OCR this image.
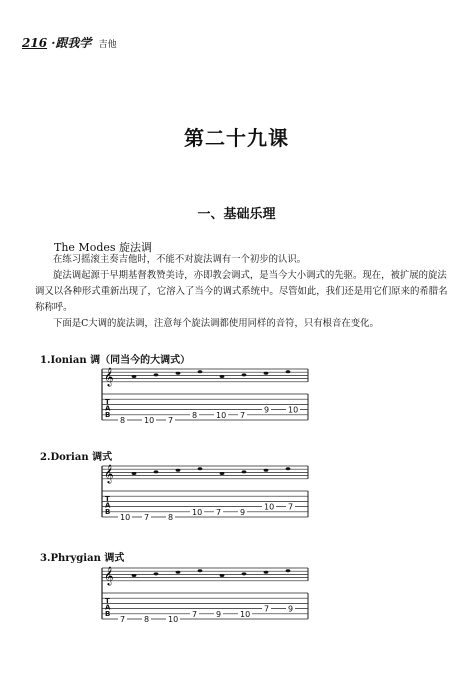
216 ·跟我学 吉他
第二十九课
一、基础乐理
The Modes 旋法调
在练习摇滚主奏吉他时，不能不对旋法调有一个初步的认识。
旋法调起源于早期基督教赞美诗，亦即教会调式，是当今大小调式的先驱。现在，被扩展的旋法调又以各种形式重新出现了，它溶入了当今的调式系统中。尽管如此，我们还是用它们原来的希腊名称称呼。
下面是C大调的旋法调，注意每个旋法调都使用同样的音符，只有根音在变化。
1.Ionian 调（同当今的大调式）
2.Dorian 调式
3.Phrygian 调式
𝄞
T
A
B
8 10 7
8 10 7
9 10
𝄞
T
A
B
10 7 8
10 7 9
10 7
𝄞
T
A
B
7 8 10
7 9 10
7 9
